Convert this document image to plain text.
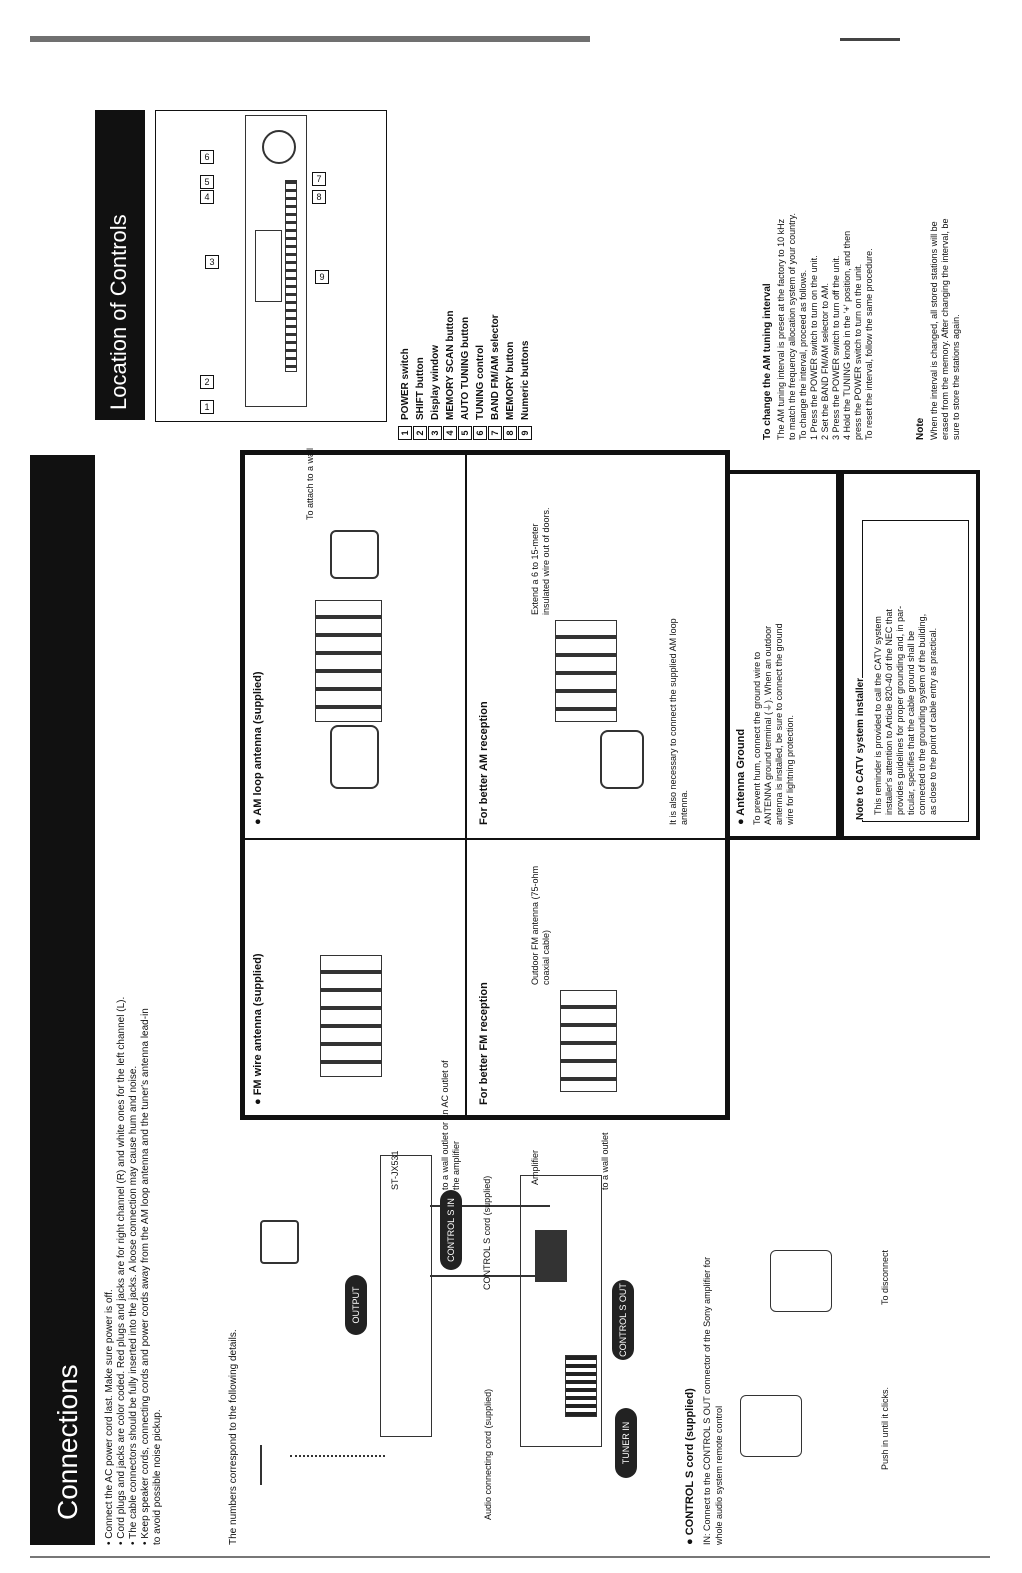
Connections • Connect the AC power cord last. Make sure power is off. • Cord plugs and jacks are color coded. Red plugs and jacks are for right channel (R) and white ones for the left channel (L). • The cable connectors should be fully inserted into the jacks. A loose connection may cause hum and noise. • Keep speaker cords, connecting cords and power cords away from the AM loop antenna and the tuner's antenna lead-in to avoid possible noise pickup.	The numbers correspond to the following details.
OUTPUT
CONTROL S IN
CONTROL S OUT
TUNER IN
ST-JX531	to a wall outlet or an AC outlet of the amplifier
CONTROL S cord (supplied)
Audio connecting cord (supplied)
Amplifier	to a wall outlet
● CONTROL S cord (supplied) IN: Connect to the CONTROL S OUT connector of the Sony amplifier for whole audio system remote control	Push in until it clicks.
To disconnect
● FM wire antenna (supplied)
● AM loop antenna (supplied)
To attach to a wall
For better FM reception
Outdoor FM antenna (75-ohm coaxial cable)
For better AM reception
Extend a 6 to 15-meter insulated wire out of doors.
It is also necessary to connect the supplied AM loop antenna.	● Antenna Ground To prevent hum, connect the ground wire to ANTENNA ground terminal (⏚). When an outdoor antenna is installed, be sure to connect the ground wire for lightning protection.	Note to CATV system installer This reminder is provided to call the CATV system installer's attention to Article 820-40 of the NEC that provides guidelines for proper grounding and, in par- ticular, specifies that the cable ground shall be connected to the grounding system of the building, as close to the point of cable entry as practical.
Location of Controls	1
2
3
4
5
6
7
8
9
1POWER switch
2SHIFT button
3Display window
4MEMORY SCAN button
5AUTO TUNING button
6TUNING control
7BAND FM/AM selector
8MEMORY button
9Numeric buttons	To change the AM tuning interval The AM tuning interval is preset at the factory to 10 kHz to match the frequency allocation system of your country. To change the interval, proceed as follows. 1 Press the POWER switch to turn on the unit. 2 Set the BAND FM/AM selector to AM. 3 Press the POWER switch to turn off the unit. 4 Hold the TUNING knob in the '+' position, and then press the POWER switch to turn on the unit. To reset the interval, follow the same procedure.	Note When the interval is changed, all stored stations will be erased from the memory. After changing the interval, be sure to store the stations again.
